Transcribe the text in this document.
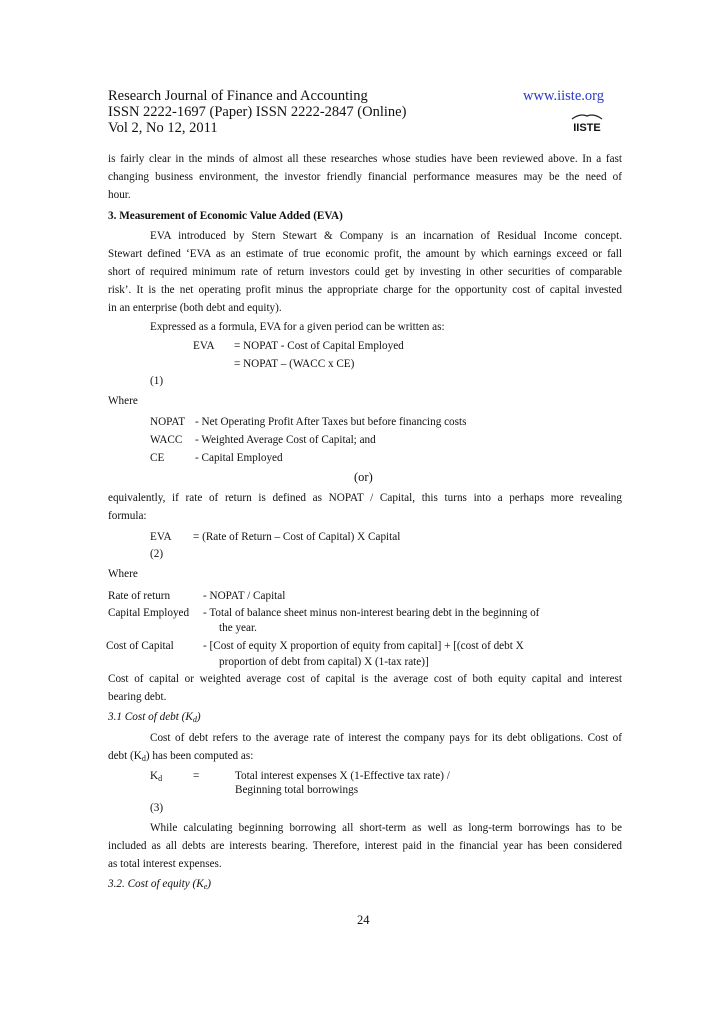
Research Journal of Finance and Accounting	www.iiste.org
ISSN 2222-1697 (Paper) ISSN 2222-2847 (Online)
Vol 2, No 12, 2011	IISTE
is fairly clear in the minds of almost all these researches whose studies have been reviewed above. In a fast
changing business environment, the investor friendly financial performance measures may be the need of
hour.
3. Measurement of Economic Value Added (EVA)
EVA introduced by Stern Stewart & Company is an incarnation of Residual Income concept.
Stewart defined ‘EVA as an estimate of true economic profit, the amount by which earnings exceed or fall
short of required minimum rate of return investors could get by investing in other securities of comparable
risk’. It is the net operating profit minus the appropriate charge for the opportunity cost of capital invested
in an enterprise (both debt and equity).
Expressed as a formula, EVA for a given period can be written as:
EVA = NOPAT - Cost of Capital Employed
= NOPAT – (WACC x CE)
(1)
Where
NOPAT - Net Operating Profit After Taxes but before financing costs
WACC - Weighted Average Cost of Capital; and
CE	- Capital Employed
(or)
equivalently, if rate of return is defined as NOPAT / Capital, this turns into a perhaps more revealing
formula:
EVA = (Rate of Return – Cost of Capital) X Capital
(2)
Where
Rate of return	- NOPAT / Capital
Capital Employed - Total of balance sheet minus non-interest bearing debt in the beginning of
the year.
Cost of Capital	- [Cost of equity X proportion of equity from capital] + [(cost of debt X
proportion of debt from capital) X (1-tax rate)]
Cost of capital or weighted average cost of capital is the average cost of both equity capital and interest
bearing debt.
3.1 Cost of debt $(K_d)$
Cost of debt refers to the average rate of interest the company pays for its debt obligations. Cost of
debt $(K_d)$ has been computed as:
$K_d$	=	Total interest expenses X (1-Effective tax rate) /
Beginning total borrowings
(3)
While calculating beginning borrowing all short-term as well as long-term borrowings has to be
included as all debts are interests bearing. Therefore, interest paid in the financial year has been considered
as total interest expenses.
3.2. Cost of equity $(K_e)$
24
